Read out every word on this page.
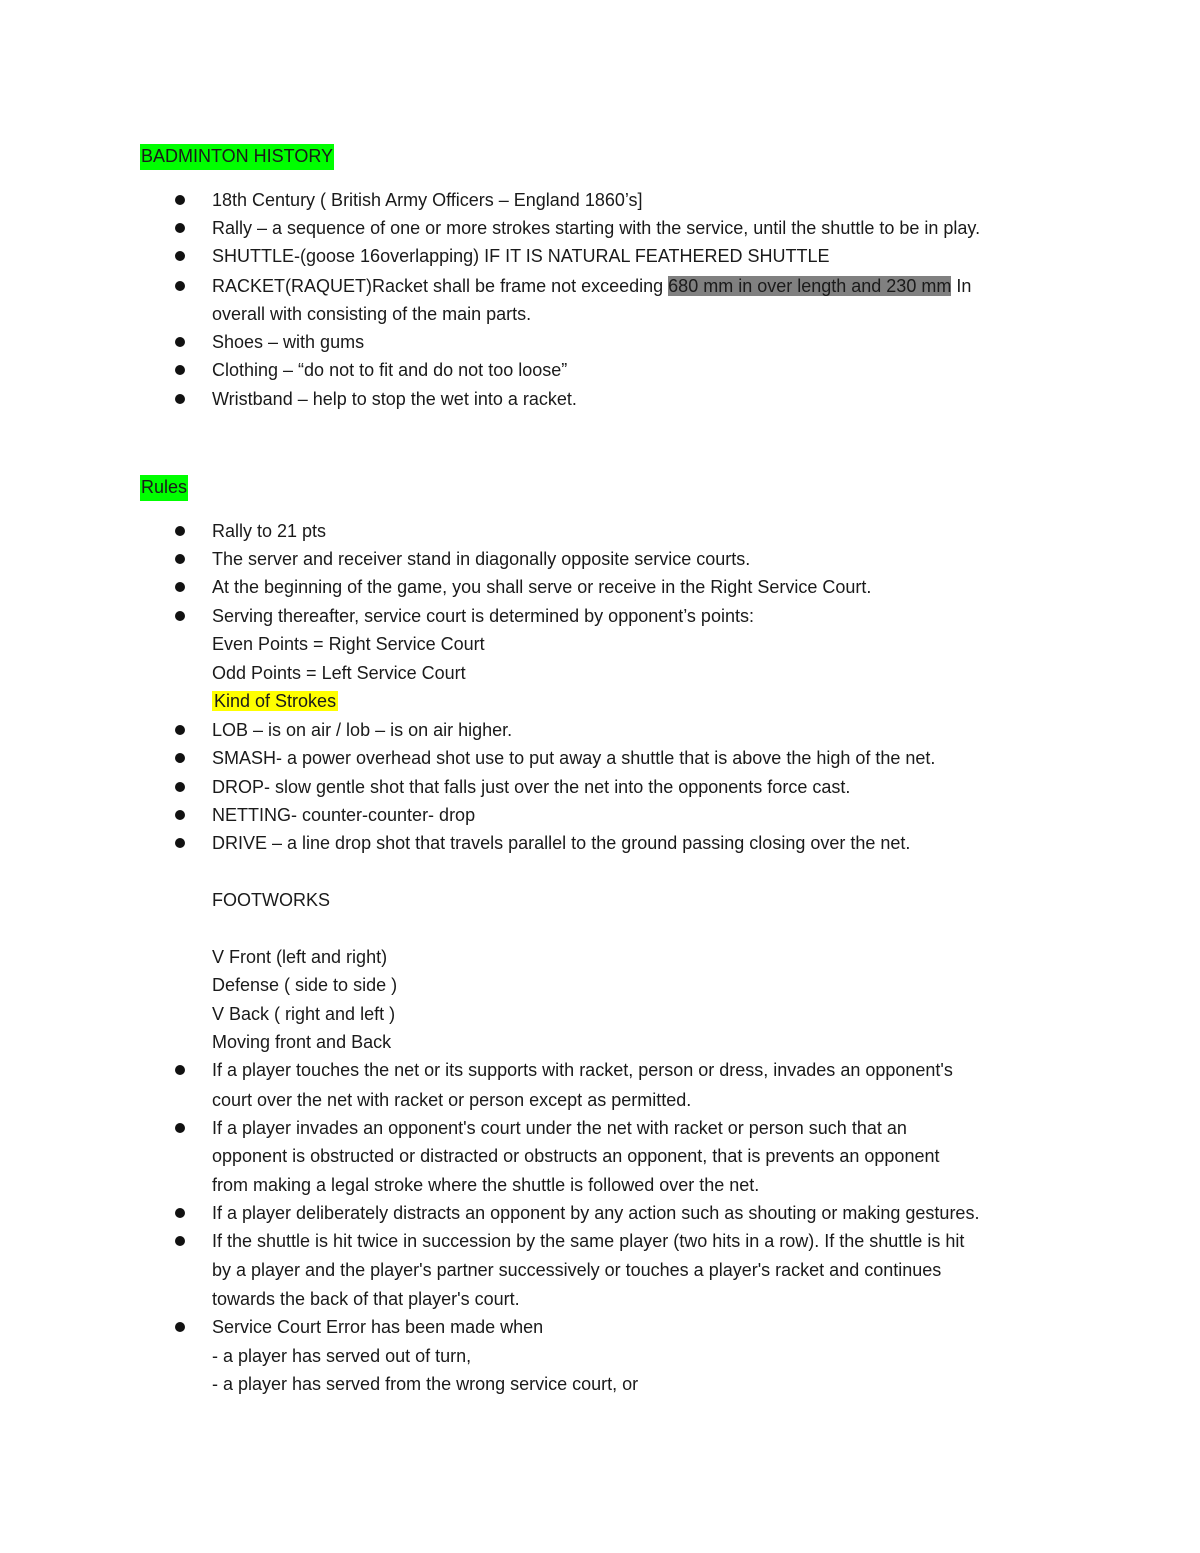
BADMINTON HISTORY
18th Century ( British Army Officers – England 1860’s]
Rally – a sequence of one or more strokes starting with the service, until the shuttle to be in play.
SHUTTLE-(goose 16overlapping) IF IT IS NATURAL FEATHERED SHUTTLE
RACKET(RAQUET)Racket shall be frame not exceeding 680 mm in over length and 230 mm In
overall with consisting of the main parts.
Shoes – with gums
Clothing – “do not to fit and do not too loose”
Wristband – help to stop the wet into a racket.
Rules
Rally to 21 pts
The server and receiver stand in diagonally opposite service courts.
At the beginning of the game, you shall serve or receive in the Right Service Court.
Serving thereafter, service court is determined by opponent’s points:
Even Points = Right Service Court
Odd Points = Left Service Court
Kind of Strokes
LOB – is on air / lob – is on air higher.
SMASH- a power overhead shot use to put away a shuttle that is above the high of the net.
DROP- slow gentle shot that falls just over the net into the opponents force cast.
NETTING- counter-counter- drop
DRIVE – a line drop shot that travels parallel to the ground passing closing over the net.
FOOTWORKS
V Front (left and right)
Defense ( side to side )
V Back ( right and left )
Moving front and Back
If a player touches the net or its supports with racket, person or dress, invades an opponent's
court over the net with racket or person except as permitted.
If a player invades an opponent's court under the net with racket or person such that an
opponent is obstructed or distracted or obstructs an opponent, that is prevents an opponent
from making a legal stroke where the shuttle is followed over the net.
If a player deliberately distracts an opponent by any action such as shouting or making gestures.
If the shuttle is hit twice in succession by the same player (two hits in a row). If the shuttle is hit
by a player and the player's partner successively or touches a player's racket and continues
towards the back of that player's court.
Service Court Error has been made when
- a player has served out of turn,
- a player has served from the wrong service court, or
